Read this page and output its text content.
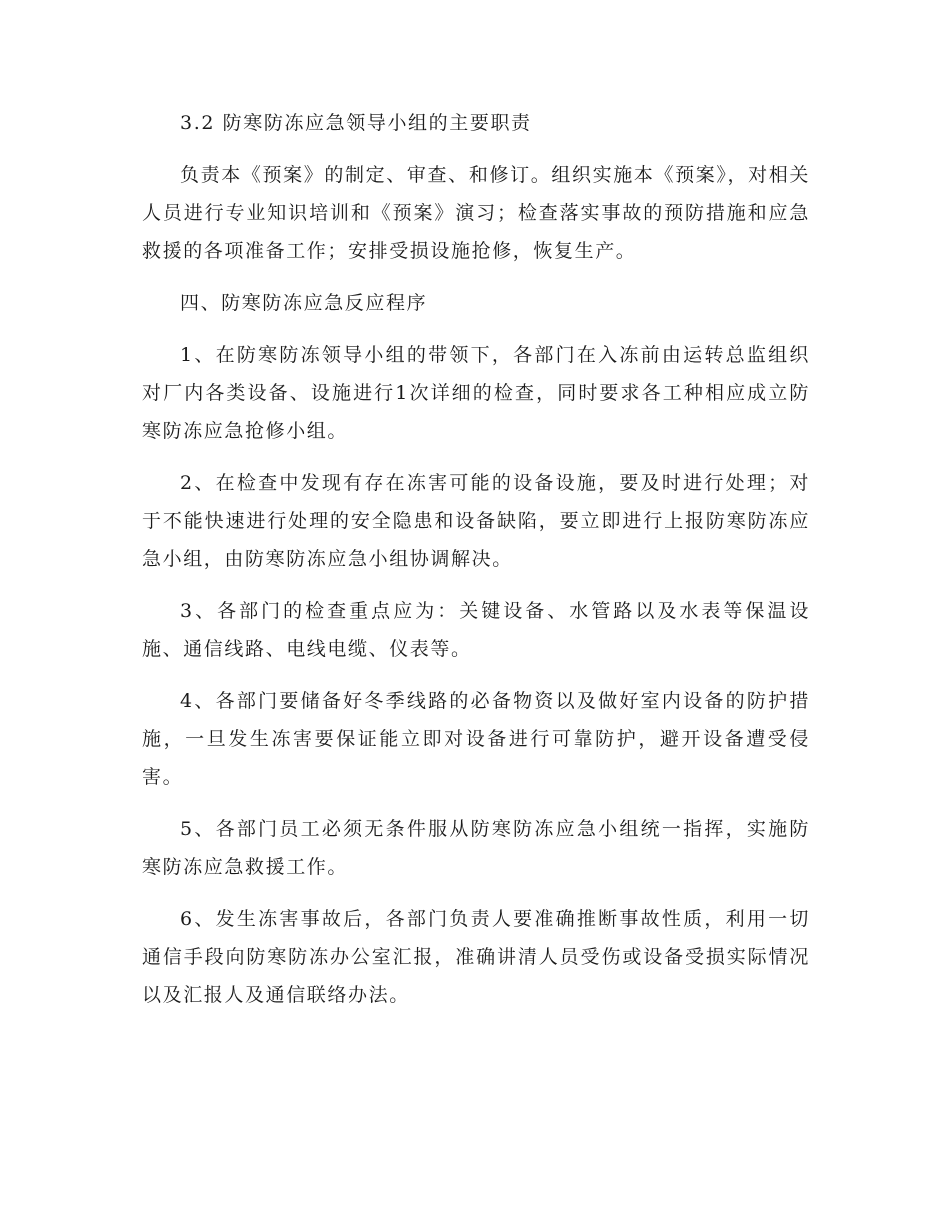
3.2 防寒防冻应急领导小组的主要职责

负责本《预案》的制定、审查、和修订。组织实施本《预案》，对相关人员进行专业知识培训和《预案》演习；检查落实事故的预防措施和应急救援的各项准备工作；安排受损设施抢修，恢复生产。

四、防寒防冻应急反应程序

1、在防寒防冻领导小组的带领下，各部门在入冻前由运转总监组织对厂内各类设备、设施进行1次详细的检查，同时要求各工种相应成立防寒防冻应急抢修小组。

2、在检查中发现有存在冻害可能的设备设施，要及时进行处理；对于不能快速进行处理的安全隐患和设备缺陷，要立即进行上报防寒防冻应急小组，由防寒防冻应急小组协调解决。

3、各部门的检查重点应为：关键设备、水管路以及水表等保温设施、通信线路、电线电缆、仪表等。

4、各部门要储备好冬季线路的必备物资以及做好室内设备的防护措施，一旦发生冻害要保证能立即对设备进行可靠防护，避开设备遭受侵害。

5、各部门员工必须无条件服从防寒防冻应急小组统一指挥，实施防寒防冻应急救援工作。

6、发生冻害事故后，各部门负责人要准确推断事故性质，利用一切通信手段向防寒防冻办公室汇报，准确讲清人员受伤或设备受损实际情况以及汇报人及通信联络办法。
